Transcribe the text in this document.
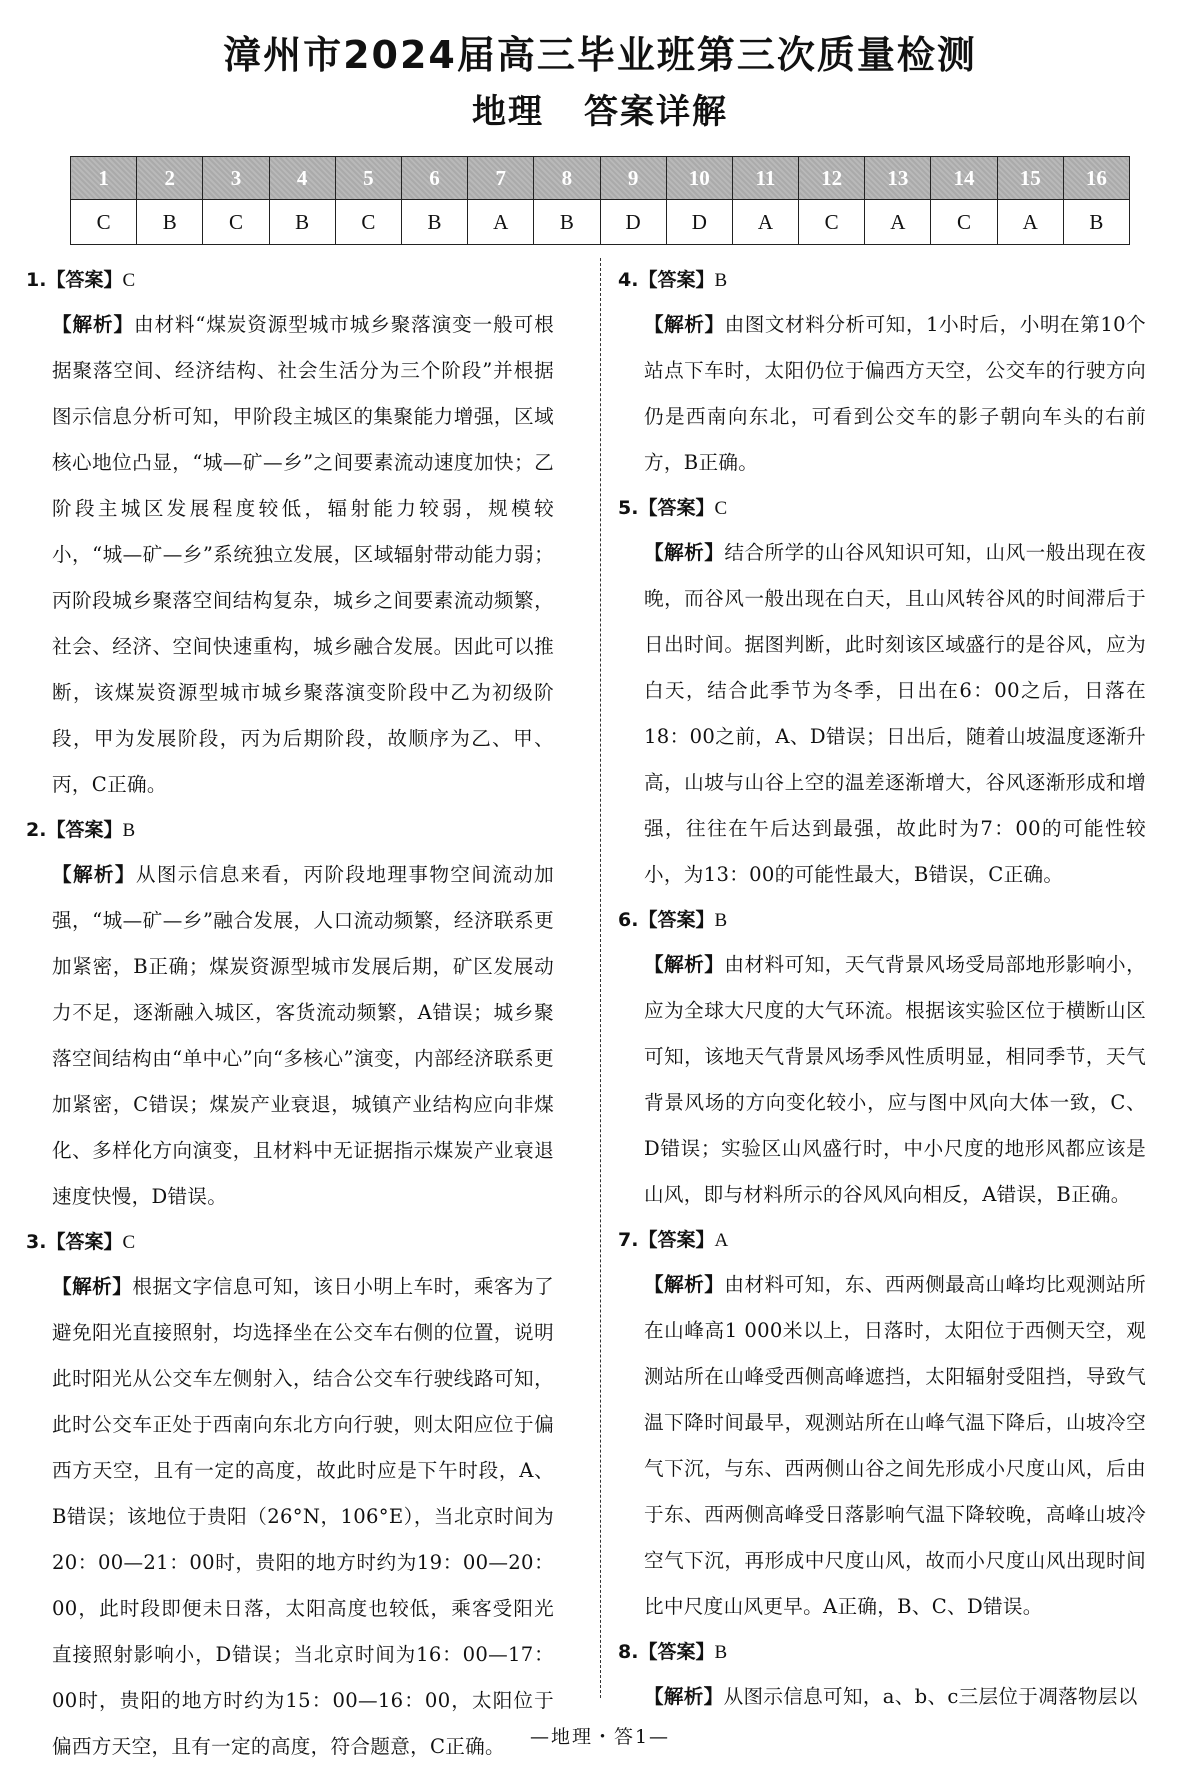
漳州市2024届高三毕业班第三次质量检测
地理 答案详解
1	2	3	4	5	6	7	8	9	10	11	12	13	14	15	16
C	B	C	B	C	B	A	B	D	D	A	C	A	C	A	B
1.【答案】C

【解析】由材料“煤炭资源型城市城乡聚落演变一般可根据聚落空间、经济结构、社会生活分为三个阶段”并根据图示信息分析可知，甲阶段主城区的集聚能力增强，区域核心地位凸显，“城—矿—乡”之间要素流动速度加快；乙阶段主城区发展程度较低，辐射能力较弱，规模较小，“城—矿—乡”系统独立发展，区域辐射带动能力弱；丙阶段城乡聚落空间结构复杂，城乡之间要素流动频繁，社会、经济、空间快速重构，城乡融合发展。因此可以推断，该煤炭资源型城市城乡聚落演变阶段中乙为初级阶段，甲为发展阶段，丙为后期阶段，故顺序为乙、甲、丙，C正确。

2.【答案】B

【解析】从图示信息来看，丙阶段地理事物空间流动加强，“城—矿—乡”融合发展，人口流动频繁，经济联系更加紧密，B正确；煤炭资源型城市发展后期，矿区发展动力不足，逐渐融入城区，客货流动频繁，A错误；城乡聚落空间结构由“单中心”向“多核心”演变，内部经济联系更加紧密，C错误；煤炭产业衰退，城镇产业结构应向非煤化、多样化方向演变，且材料中无证据指示煤炭产业衰退速度快慢，D错误。

3.【答案】C

【解析】根据文字信息可知，该日小明上车时，乘客为了避免阳光直接照射，均选择坐在公交车右侧的位置，说明此时阳光从公交车左侧射入，结合公交车行驶线路可知，此时公交车正处于西南向东北方向行驶，则太阳应位于偏西方天空，且有一定的高度，故此时应是下午时段，A、B错误；该地位于贵阳（26°N，106°E），当北京时间为20：00—21：00时，贵阳的地方时约为19：00—20：00，此时段即便未日落，太阳高度也较低，乘客受阳光直接照射影响小，D错误；当北京时间为16：00—17：00时，贵阳的地方时约为15：00—16：00，太阳位于偏西方天空，且有一定的高度，符合题意，C正确。

4.【答案】B

【解析】由图文材料分析可知，1小时后，小明在第10个站点下车时，太阳仍位于偏西方天空，公交车的行驶方向仍是西南向东北，可看到公交车的影子朝向车头的右前方，B正确。

5.【答案】C

【解析】结合所学的山谷风知识可知，山风一般出现在夜晚，而谷风一般出现在白天，且山风转谷风的时间滞后于日出时间。据图判断，此时刻该区域盛行的是谷风，应为白天，结合此季节为冬季，日出在6：00之后，日落在18：00之前，A、D错误；日出后，随着山坡温度逐渐升高，山坡与山谷上空的温差逐渐增大，谷风逐渐形成和增强，往往在午后达到最强，故此时为7：00的可能性较小，为13：00的可能性最大，B错误，C正确。

6.【答案】B

【解析】由材料可知，天气背景风场受局部地形影响小，应为全球大尺度的大气环流。根据该实验区位于横断山区可知，该地天气背景风场季风性质明显，相同季节，天气背景风场的方向变化较小，应与图中风向大体一致，C、D错误；实验区山风盛行时，中小尺度的地形风都应该是山风，即与材料所示的谷风风向相反，A错误，B正确。

7.【答案】A

【解析】由材料可知，东、西两侧最高山峰均比观测站所在山峰高1 000米以上，日落时，太阳位于西侧天空，观测站所在山峰受西侧高峰遮挡，太阳辐射受阻挡，导致气温下降时间最早，观测站所在山峰气温下降后，山坡冷空气下沉，与东、西两侧山谷之间先形成小尺度山风，后由于东、西两侧高峰受日落影响气温下降较晚，高峰山坡冷空气下沉，再形成中尺度山风，故而小尺度山风出现时间比中尺度山风更早。A正确，B、C、D错误。

8.【答案】B

【解析】从图示信息可知，a、b、c三层位于凋落物层以

—地理・答1—
